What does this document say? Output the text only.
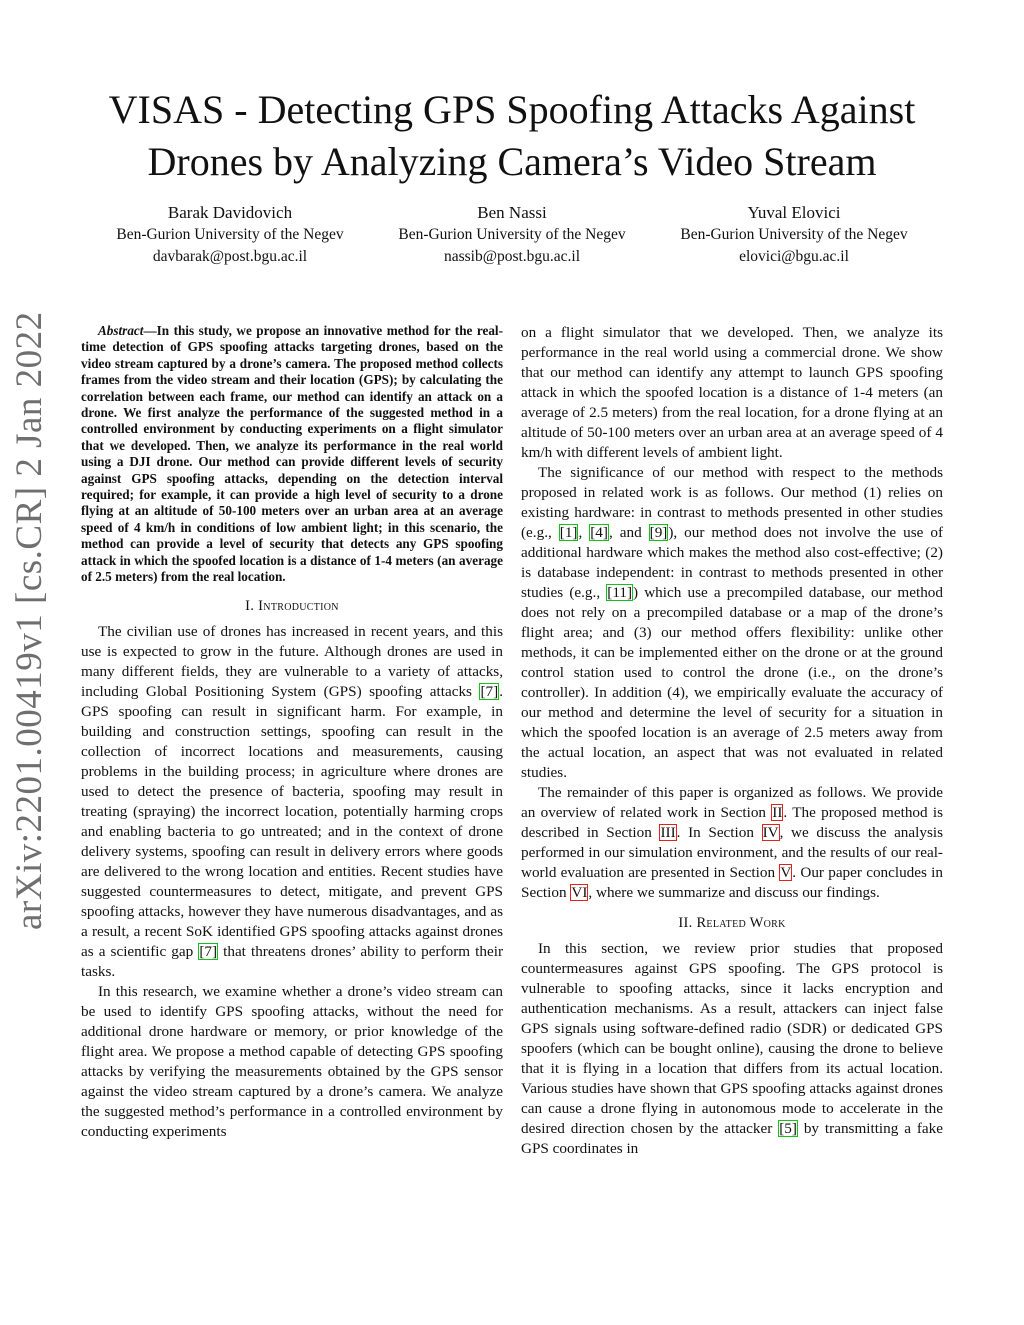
arXiv:2201.00419v1 [cs.CR] 2 Jan 2022
VISAS - Detecting GPS Spoofing Attacks Against
Drones by Analyzing Camera’s Video Stream
Barak Davidovich
Ben-Gurion University of the Negev
davbarak@post.bgu.ac.il
Ben Nassi
Ben-Gurion University of the Negev
nassib@post.bgu.ac.il
Yuval Elovici
Ben-Gurion University of the Negev
elovici@bgu.ac.il

Abstract—In this study, we propose an innovative method for the real-time detection of GPS spoofing attacks targeting drones, based on the video stream captured by a drone’s camera. The proposed method collects frames from the video stream and their location (GPS); by calculating the correlation between each frame, our method can identify an attack on a drone. We first analyze the performance of the suggested method in a controlled environment by conducting experiments on a flight simulator that we developed. Then, we analyze its performance in the real world using a DJI drone. Our method can provide different levels of security against GPS spoofing attacks, depending on the detection interval required; for example, it can provide a high level of security to a drone flying at an altitude of 50-100 meters over an urban area at an average speed of 4 km/h in conditions of low ambient light; in this scenario, the method can provide a level of security that detects any GPS spoofing attack in which the spoofed location is a distance of 1-4 meters (an average of 2.5 meters) from the real location.

I. Introduction

The civilian use of drones has increased in recent years, and this use is expected to grow in the future. Although drones are used in many different fields, they are vulnerable to a variety of attacks, including Global Positioning System (GPS) spoofing attacks [7]. GPS spoofing can result in significant harm. For example, in building and construction settings, spoofing can result in the collection of incorrect locations and measurements, causing problems in the building process; in agriculture where drones are used to detect the presence of bacteria, spoofing may result in treating (spraying) the incorrect location, potentially harming crops and enabling bacteria to go untreated; and in the context of drone delivery systems, spoofing can result in delivery errors where goods are delivered to the wrong location and entities. Recent studies have suggested countermeasures to detect, mitigate, and prevent GPS spoofing attacks, however they have numerous disadvantages, and as a result, a recent SoK identified GPS spoofing attacks against drones as a scientific gap [7] that threatens drones’ ability to perform their tasks.

In this research, we examine whether a drone’s video stream can be used to identify GPS spoofing attacks, without the need for additional drone hardware or memory, or prior knowledge of the flight area. We propose a method capable of detecting GPS spoofing attacks by verifying the measurements obtained by the GPS sensor against the video stream captured by a drone’s camera. We analyze the suggested method’s performance in a controlled environment by conducting experiments

on a flight simulator that we developed. Then, we analyze its performance in the real world using a commercial drone. We show that our method can identify any attempt to launch GPS spoofing attack in which the spoofed location is a distance of 1-4 meters (an average of 2.5 meters) from the real location, for a drone flying at an altitude of 50-100 meters over an urban area at an average speed of 4 km/h with different levels of ambient light.

The significance of our method with respect to the methods proposed in related work is as follows. Our method (1) relies on existing hardware: in contrast to methods presented in other studies (e.g., [1], [4], and [9]), our method does not involve the use of additional hardware which makes the method also cost-effective; (2) is database independent: in contrast to methods presented in other studies (e.g., [11]) which use a precompiled database, our method does not rely on a precompiled database or a map of the drone’s flight area; and (3) our method offers flexibility: unlike other methods, it can be implemented either on the drone or at the ground control station used to control the drone (i.e., on the drone’s controller). In addition (4), we empirically evaluate the accuracy of our method and determine the level of security for a situation in which the spoofed location is an average of 2.5 meters away from the actual location, an aspect that was not evaluated in related studies.

The remainder of this paper is organized as follows. We provide an overview of related work in Section II. The proposed method is described in Section III. In Section IV, we discuss the analysis performed in our simulation environment, and the results of our real-world evaluation are presented in Section V. Our paper concludes in Section VI, where we summarize and discuss our findings.

II. Related Work

In this section, we review prior studies that proposed countermeasures against GPS spoofing. The GPS protocol is vulnerable to spoofing attacks, since it lacks encryption and authentication mechanisms. As a result, attackers can inject false GPS signals using software-defined radio (SDR) or dedicated GPS spoofers (which can be bought online), causing the drone to believe that it is flying in a location that differs from its actual location. Various studies have shown that GPS spoofing attacks against drones can cause a drone flying in autonomous mode to accelerate in the desired direction chosen by the attacker [5] by transmitting a fake GPS coordinates in
